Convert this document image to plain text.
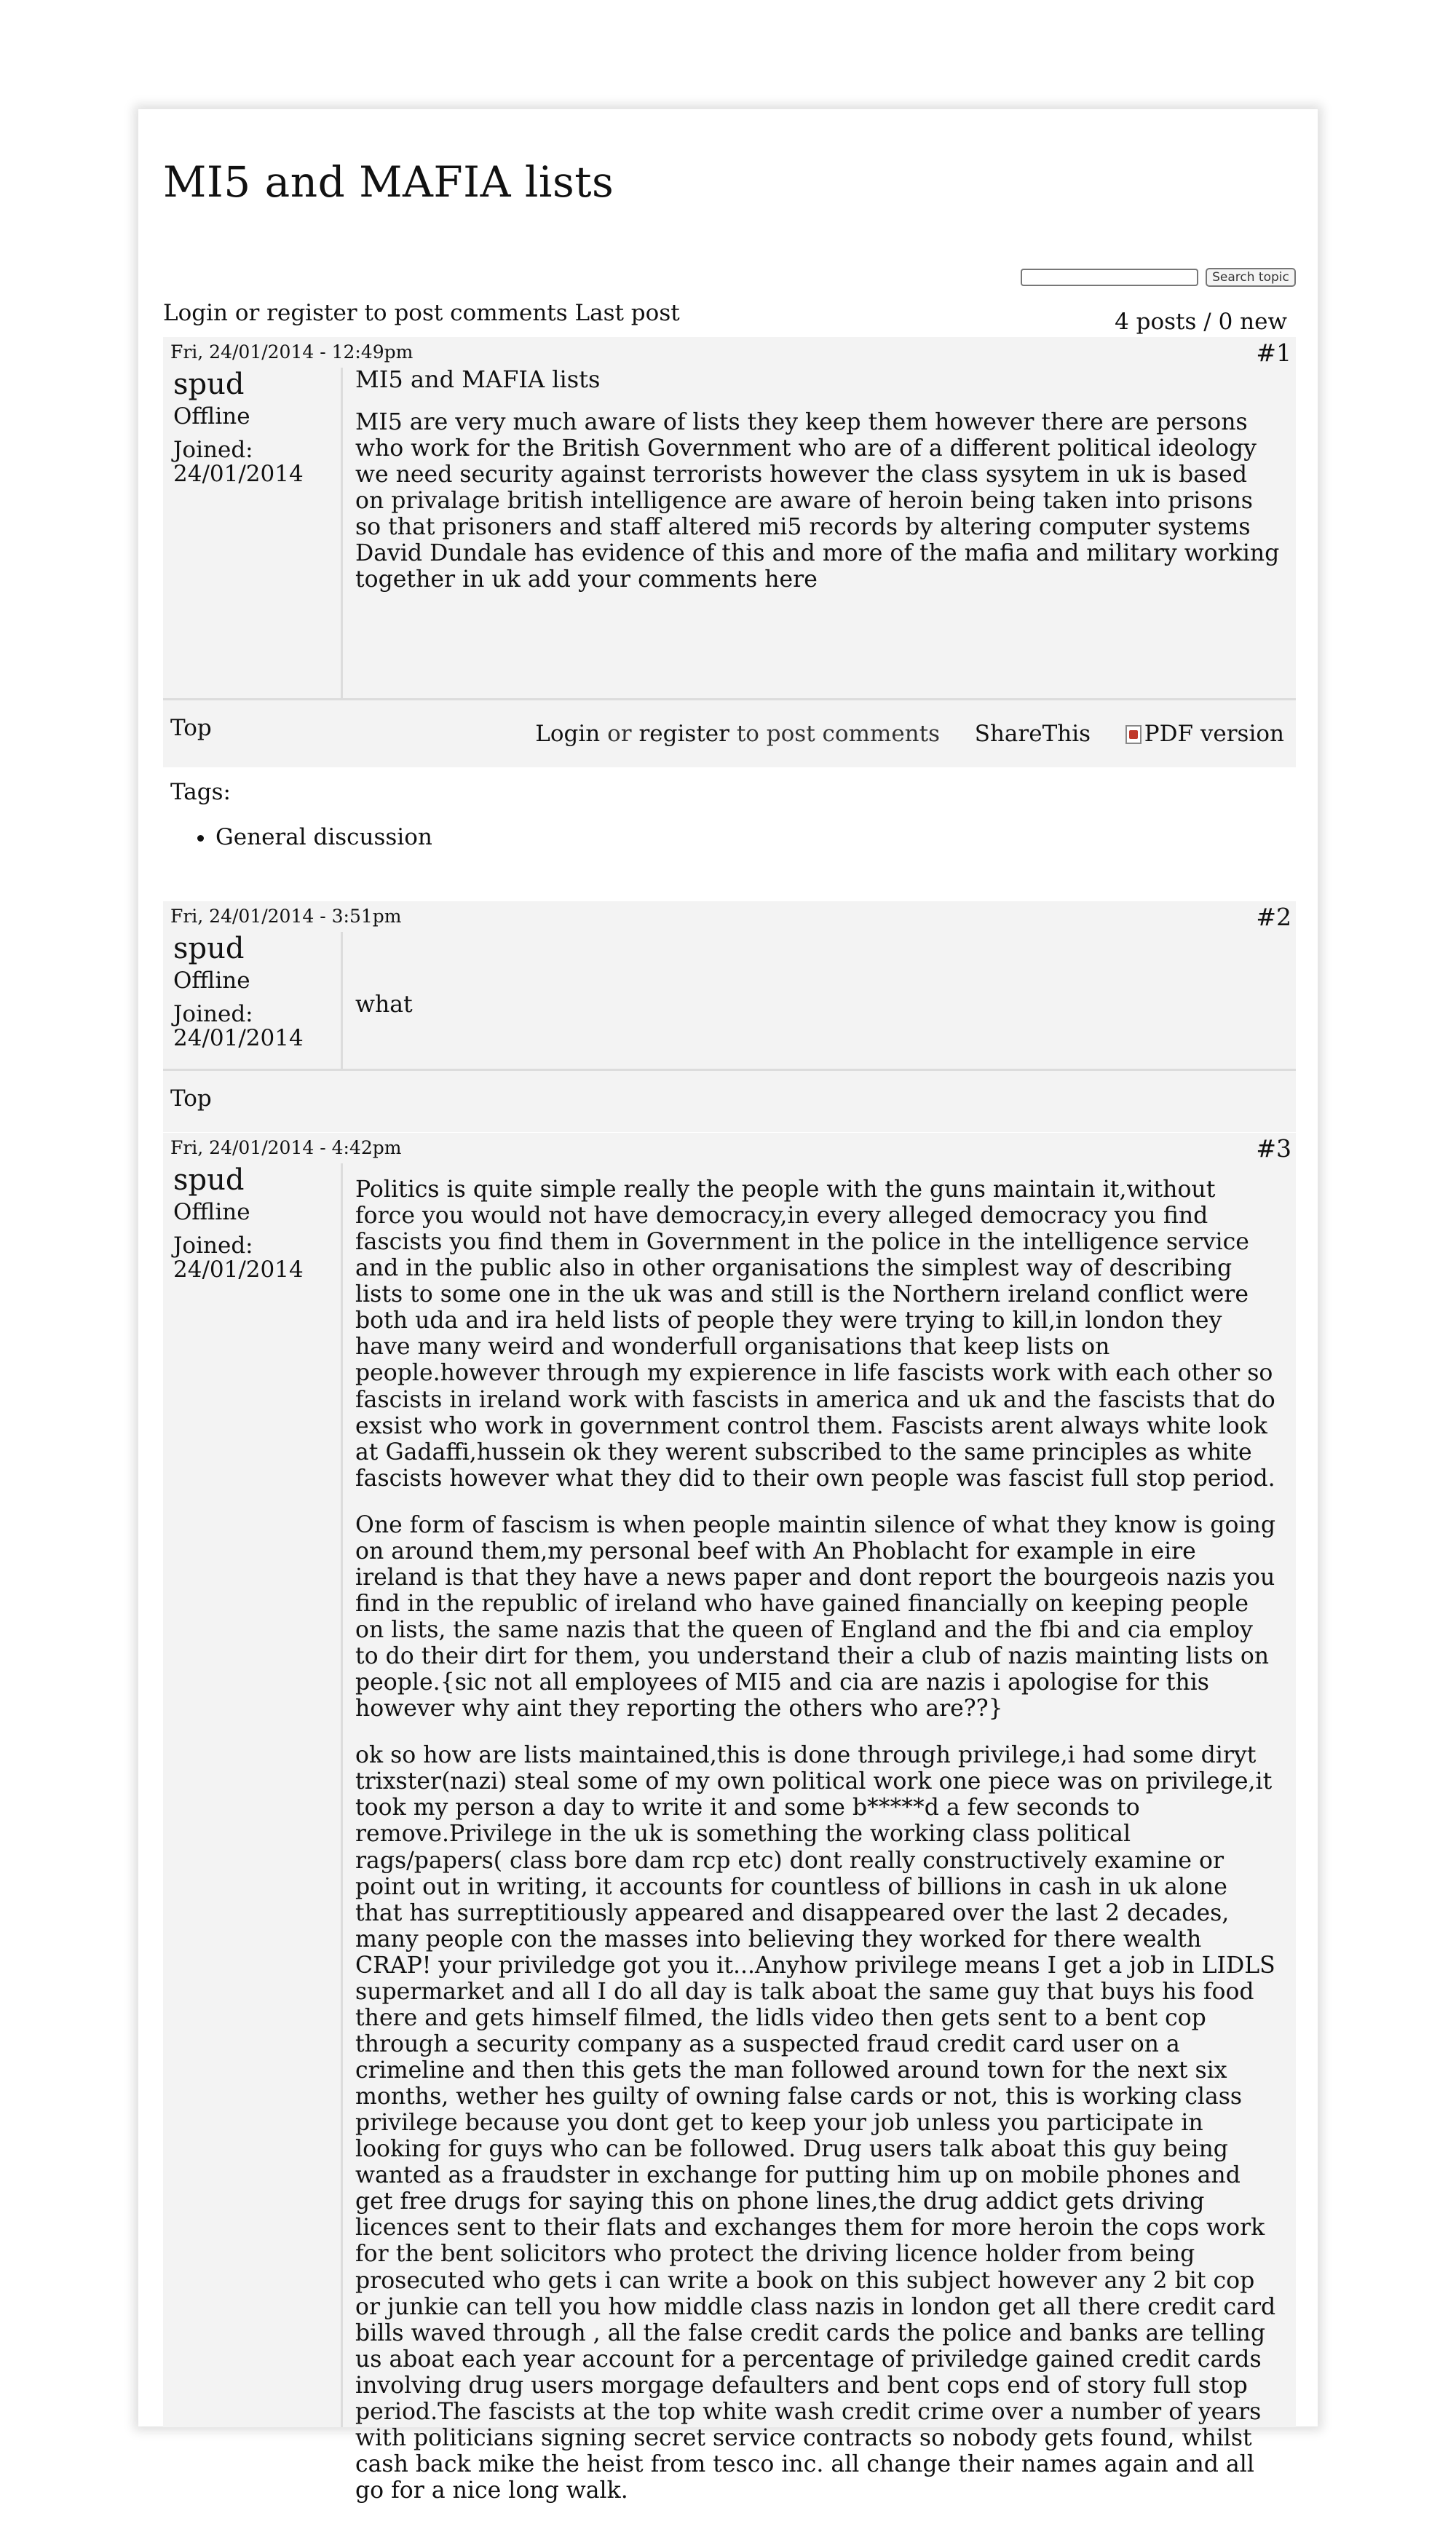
MI5 and MAFIA lists
Search topic
Login or register to post comments Last post	4 posts / 0 new
Fri, 24/01/2014 - 12:49pm	#1
spud
Offline
Joined:
24/01/2014

MI5 and MAFIA lists

MI5 are very much aware of lists they keep them however there are persons who work for the British Government who are of a different political ideology we need security against terrorists however the class sysytem in uk is based on privalage british intelligence are aware of heroin being taken into prisons so that prisoners and staff altered mi5 records by altering computer systems David Dundale has evidence of this and more of the mafia and military working together in uk add your comments here

Top	Login or register to post comments ShareThis PDF version
Tags:
• General discussion
Fri, 24/01/2014 - 3:51pm	#2
spud
Offline
Joined:
24/01/2014

what

Top
Fri, 24/01/2014 - 4:42pm	#3
spud
Offline
Joined:
24/01/2014

Politics is quite simple really the people with the guns maintain it,without force you would not have democracy,in every alleged democracy you find fascists you find them in Government in the police in the intelligence service and in the public also in other organisations the simplest way of describing lists to some one in the uk was and still is the Northern ireland conflict were both uda and ira held lists of people they were trying to kill,in london they have many weird and wonderfull organisations that keep lists on people.however through my expierence in life fascists work with each other so fascists in ireland work with fascists in america and uk and the fascists that do exsist who work in government control them. Fascists arent always white look at Gadaffi,hussein ok they werent subscribed to the same principles as white fascists however what they did to their own people was fascist full stop period.

One form of fascism is when people maintin silence of what they know is going on around them,my personal beef with An Phoblacht for example in eire ireland is that they have a news paper and dont report the bourgeois nazis you find in the republic of ireland who have gained financially on keeping people on lists, the same nazis that the queen of England and the fbi and cia employ to do their dirt for them, you understand their a club of nazis mainting lists on people.{sic not all employees of MI5 and cia are nazis i apologise for this however why aint they reporting the others who are??}

ok so how are lists maintained,this is done through privilege,i had some diryt trixster(nazi) steal some of my own political work one piece was on privilege,it took my person a day to write it and some b*****d a few seconds to remove.Privilege in the uk is something the working class political rags/papers( class bore dam rcp etc) dont really constructively examine or point out in writing, it accounts for countless of billions in cash in uk alone that has surreptitiously appeared and disappeared over the last 2 decades, many people con the masses into believing they worked for there wealth CRAP! your priviledge got you it...Anyhow privilege means I get a job in LIDLS supermarket and all I do all day is talk aboat the same guy that buys his food there and gets himself filmed, the lidls video then gets sent to a bent cop through a security company as a suspected fraud credit card user on a crimeline and then this gets the man followed around town for the next six months, wether hes guilty of owning false cards or not, this is working class privilege because you dont get to keep your job unless you participate in looking for guys who can be followed. Drug users talk aboat this guy being wanted as a fraudster in exchange for putting him up on mobile phones and get free drugs for saying this on phone lines,the drug addict gets driving licences sent to their flats and exchanges them for more heroin the cops work for the bent solicitors who protect the driving licence holder from being prosecuted who gets i can write a book on this subject however any 2 bit cop or junkie can tell you how middle class nazis in london get all there credit card bills waved through , all the false credit cards the police and banks are telling us aboat each year account for a percentage of priviledge gained credit cards involving drug users morgage defaulters and bent cops end of story full stop period.The fascists at the top white wash credit crime over a number of years with politicians signing secret service contracts so nobody gets found, whilst cash back mike the heist from tesco inc. all change their names again and all go for a nice long walk.
